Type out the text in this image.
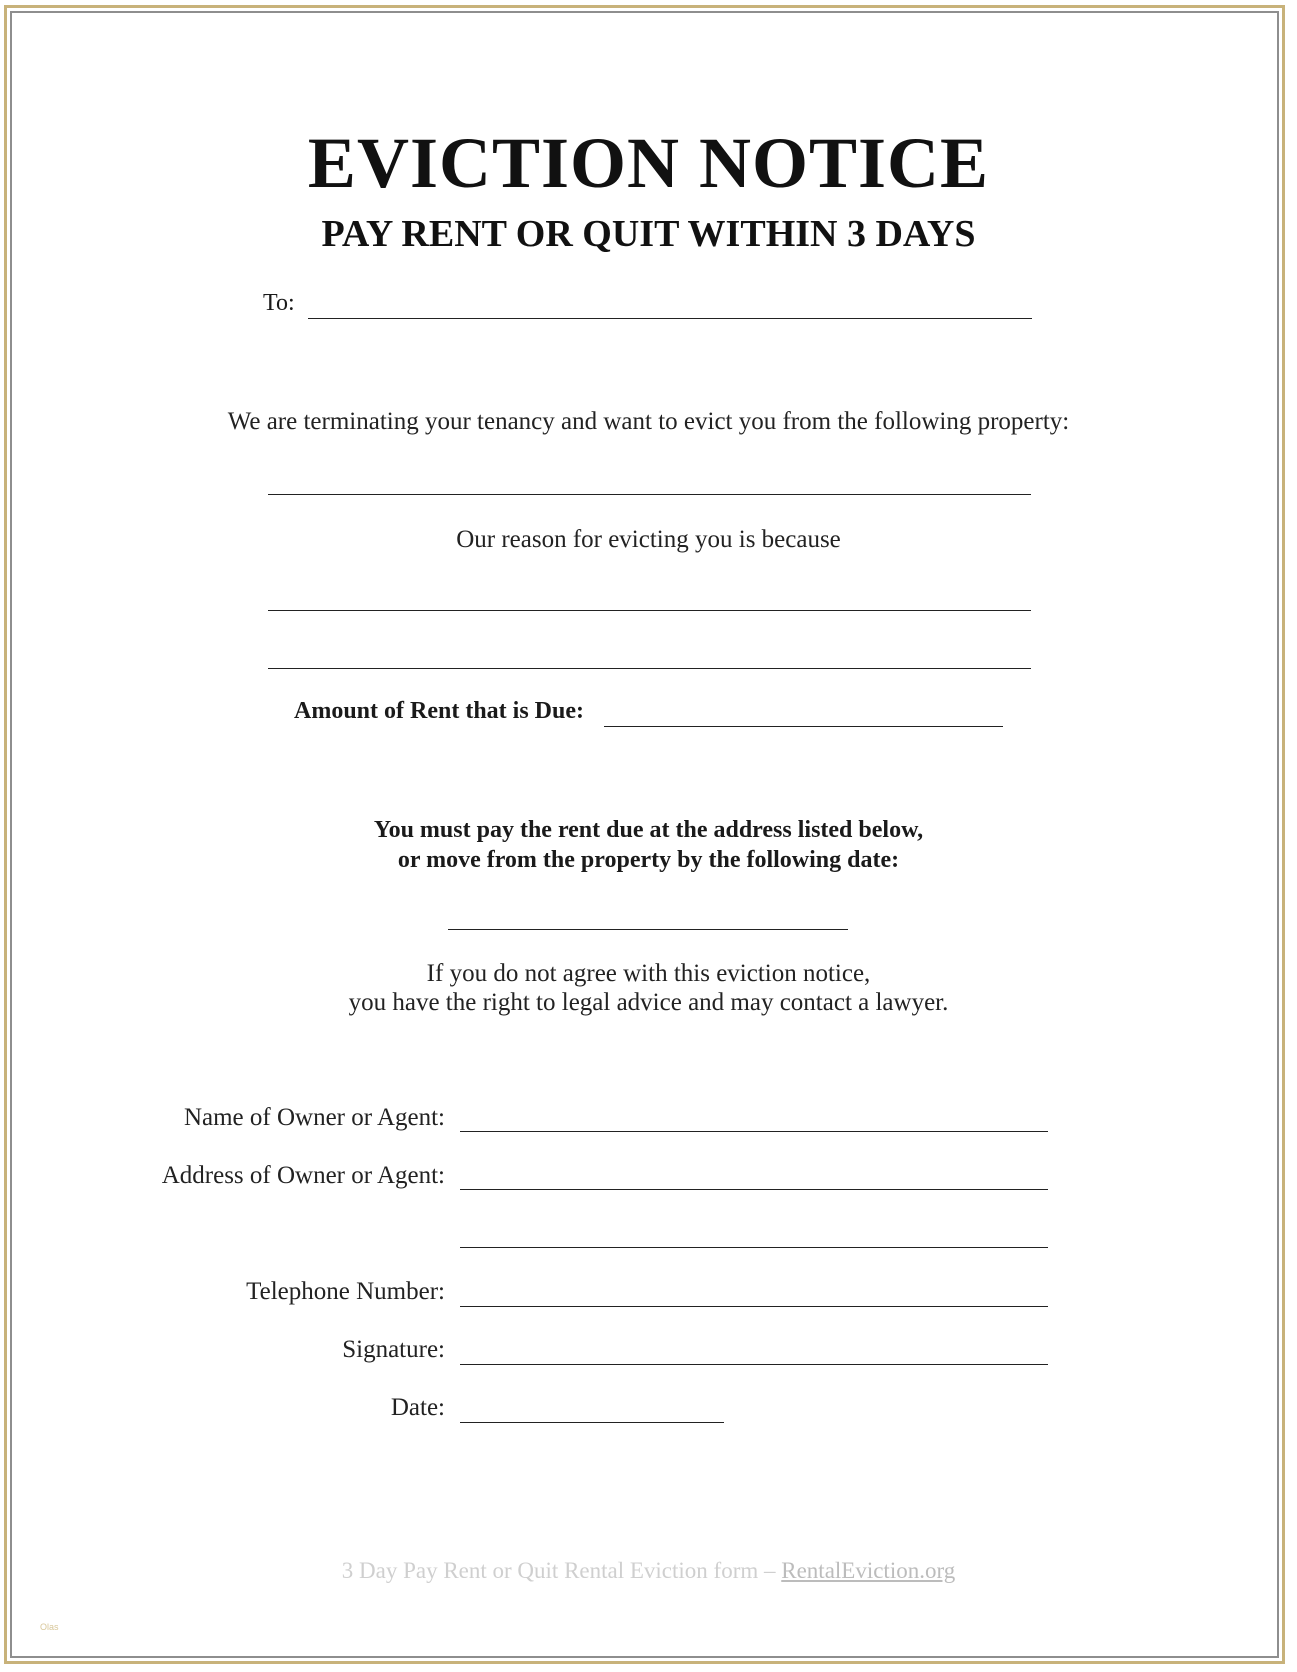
EVICTION NOTICE
PAY RENT OR QUIT WITHIN 3 DAYS
To:
We are terminating your tenancy and want to evict you from the following property:
Our reason for evicting you is because
Amount of Rent that is Due:
You must pay the rent due at the address listed below,
or move from the property by the following date:
If you do not agree with this eviction notice,
you have the right to legal advice and may contact a lawyer.
Name of Owner or Agent:
Address of Owner or Agent:
Telephone Number:
Signature:
Date:
3 Day Pay Rent or Quit Rental Eviction form – RentalEviction.org
Olas
